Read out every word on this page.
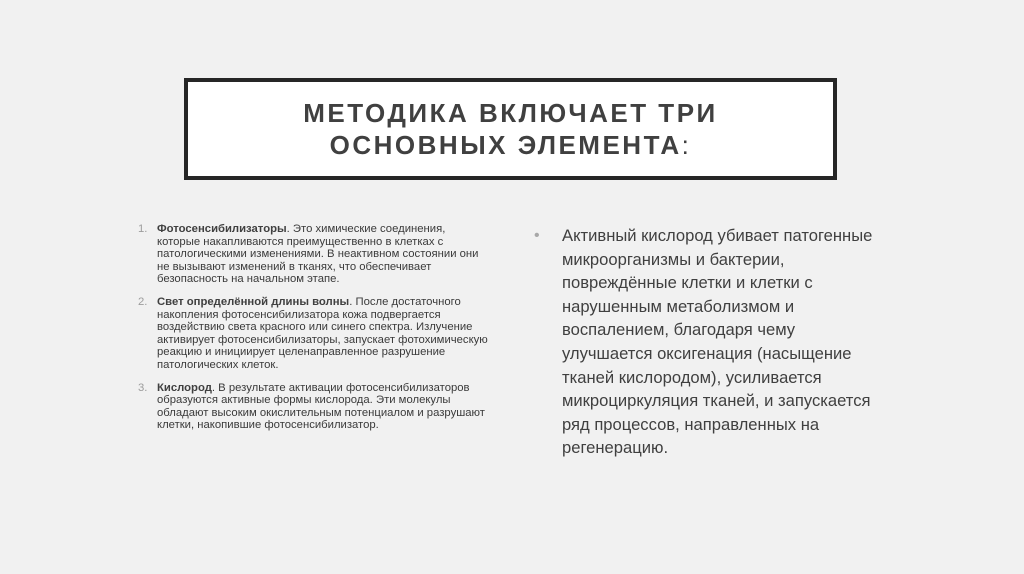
МЕТОДИКА ВКЛЮЧАЕТ ТРИ
ОСНОВНЫХ ЭЛЕМЕНТА:
1. Фотосенсибилизаторы. Это химические соединения, которые накапливаются преимущественно в клетках с патологическими изменениями. В неактивном состоянии они не вызывают изменений в тканях, что обеспечивает безопасность на начальном этапе.
2. Свет определённой длины волны. После достаточного накопления фотосенсибилизатора кожа подвергается воздействию света красного или синего спектра. Излучение активирует фотосенсибилизаторы, запускает фотохимическую реакцию и инициирует целенаправленное разрушение патологических клеток.
3. Кислород. В результате активации фотосенсибилизаторов образуются активные формы кислорода. Эти молекулы обладают высоким окислительным потенциалом и разрушают клетки, накопившие фотосенсибилизатор.

• Активный кислород убивает патогенные микроорганизмы и бактерии, повреждённые клетки и клетки с нарушенным метаболизмом и воспалением, благодаря чему улучшается оксигенация (насыщение тканей кислородом), усиливается микроциркуляция тканей, и запускается ряд процессов, направленных на регенерацию.
